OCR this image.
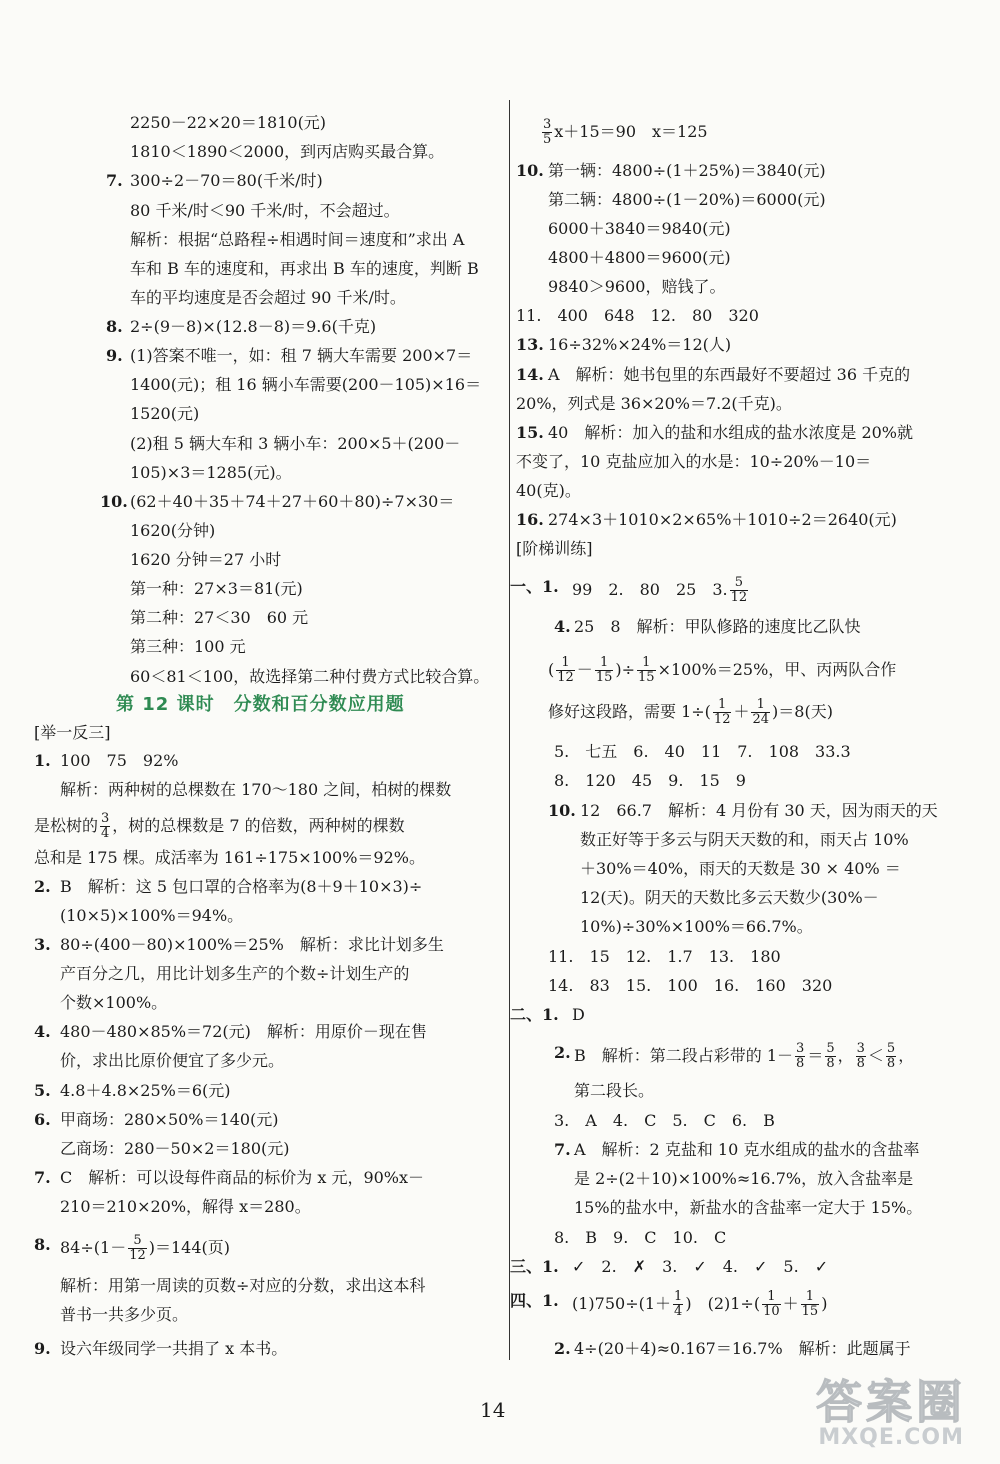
2250－22×20＝1810(元)
1810＜1890＜2000，到丙店购买最合算。
7. 300÷2－70＝80(千米/时)
80 千米/时＜90 千米/时，不会超过。
解析：根据“总路程÷相遇时间＝速度和”求出 A
车和 B 车的速度和，再求出 B 车的速度，判断 B
车的平均速度是否会超过 90 千米/时。
8. 2÷(9－8)×(12.8－8)＝9.6(千克)
9. (1)答案不唯一，如：租 7 辆大车需要 200×7＝
1400(元)；租 16 辆小车需要(200－105)×16＝
1520(元)
(2)租 5 辆大车和 3 辆小车：200×5＋(200－
105)×3＝1285(元)。
10. (62＋40＋35＋74＋27＋60＋80)÷7×30＝
1620(分钟)
1620 分钟＝27 小时
第一种：27×3＝81(元)
第二种：27＜30　60 元
第三种：100 元
60＜81＜100，故选择第二种付费方式比较合算。
第 12 课时　分数和百分数应用题
[举一反三]
1. 100　75　92%
解析：两种树的总棵数在 170～180 之间，柏树的棵数
是松树的 $\frac{3}{4}$ ，树的总棵数是 7 的倍数，两种树的棵数
总和是 175 棵。成活率为 161÷175×100%＝92%。
2. B　解析：这 5 包口罩的合格率为(8＋9＋10×3)÷
(10×5)×100%＝94%。
3. 80÷(400－80)×100%＝25%　解析：求比计划多生
产百分之几，用比计划多生产的个数÷计划生产的
个数×100%。
4. 480－480×85%＝72(元)　解析：用原价－现在售
价，求出比原价便宜了多少元。
5. 4.8＋4.8×25%＝6(元)
6. 甲商场：280×50%＝140(元)
乙商场：280－50×2＝180(元)
7. C　解析：可以设每件商品的标价为 x 元，90%x－
210＝210×20%，解得 x＝280。
8. $84\div(1- \frac{5}{12} )=144$(页)
解析：用第一周读的页数÷对应的分数，求出这本科
普书一共多少页。
9. 设六年级同学一共捐了 x 本书。
$\frac{3}{5} x+15=90$　x＝125
10. 第一辆：4800÷(1＋25%)＝3840(元)
第二辆：4800÷(1－20%)＝6000(元)
6000＋3840＝9840(元)
4800＋4800＝9600(元)
9840＞9600，赔钱了。
11.　400　648　12.　80　320
13. 16÷32%×24%＝12(人)
14. A　解析：她书包里的东西最好不要超过 36 千克的
20%，列式是 36×20%＝7.2(千克)。
15. 40　解析：加入的盐和水组成的盐水浓度是 20%就
不变了，10 克盐应加入的水是：10÷20%－10＝
40(克)。
16. 274×3＋1010×2×65%＋1010÷2＝2640(元)
[阶梯训练]
一、1. 99　2.　80　25　3. $\frac{5}{12}$
4. 25　8　解析：甲队修路的速度比乙队快
( $\frac{1}{12} - \frac{1}{15}$ )÷ $\frac{1}{15} \times 100\%=25\%$，甲、丙两队合作
修好这段路，需要 $1\div( \frac{1}{12} + \frac{1}{24} )=8$(天)
5.　七五　6.　40　11　7.　108　33.3
8.　120　45　9.　15　9
10. 12　66.7　解析：4 月份有 30 天，因为雨天的天
数正好等于多云与阴天天数的和，雨天占 10%
＋30%＝40%，雨天的天数是 30 × 40% ＝
12(天)。阴天的天数比多云天数少(30%－
10%)÷30%×100%＝66.7%。
11.　15　12.　1.7　13.　180
14.　83　15.　100　16.　160　320
二、1. D
2. B　解析：第二段占彩带的 $1- \frac{3}{8} = \frac{5}{8}$ ， $\frac{3}{8} < \frac{5}{8}$ ，
第二段长。
3.　A　4.　C　5.　C　6.　B
7. A　解析：2 克盐和 10 克水组成的盐水的含盐率
是 2÷(2＋10)×100%≈16.7%，放入含盐率是
15%的盐水中，新盐水的含盐率一定大于 15%。
8.　B　9.　C　10.　C
三、1. ✓　2.　✗　3.　✓　4.　✓　5.　✓
四、1. $(1)750\div(1+ \frac{1}{4}$ )　$(2)1\div( \frac{1}{10} + \frac{1}{15}$ )
2. 4÷(20＋4)≈0.167＝16.7%　解析：此题属于
14	答案圈
MXQE.COM
